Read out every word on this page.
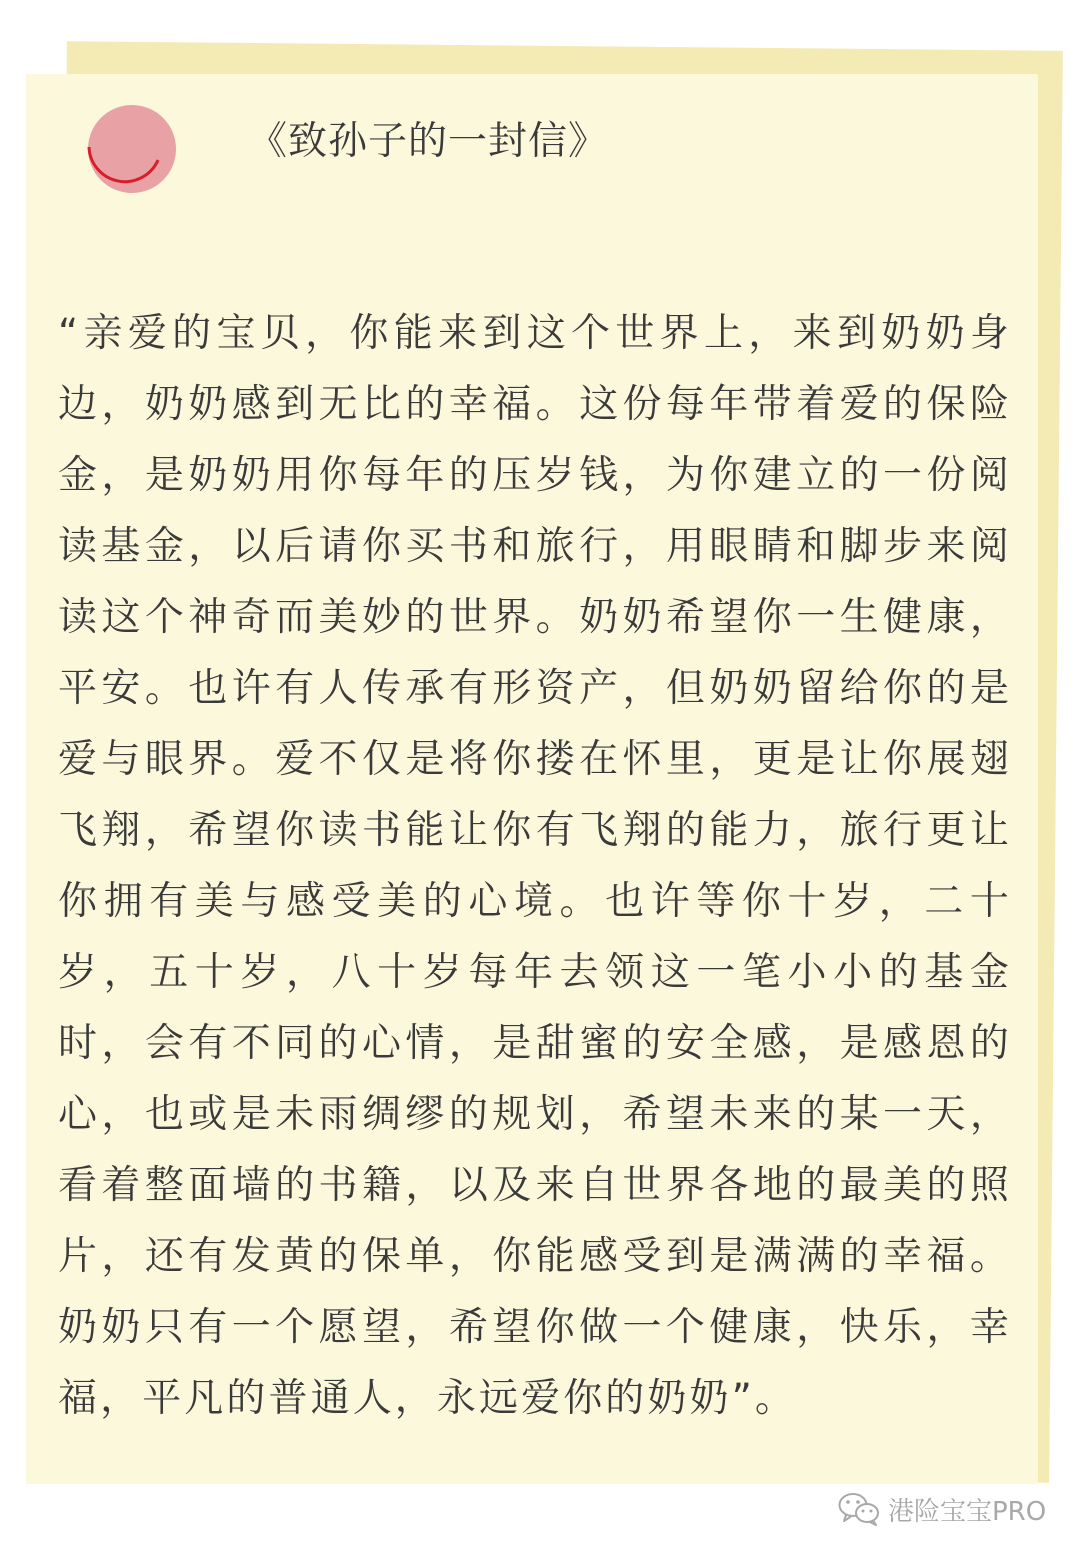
《致孙子的一封信》

“亲爱的宝贝，你能来到这个世界上，来到奶奶身边，奶奶感到无比的幸福。这份每年带着爱的保险金，是奶奶用你每年的压岁钱，为你建立的一份阅读基金，以后请你买书和旅行，用眼睛和脚步来阅读这个神奇而美妙的世界。奶奶希望你一生健康，平安。也许有人传承有形资产，但奶奶留给你的是爱与眼界。爱不仅是将你搂在怀里，更是让你展翅飞翔，希望你读书能让你有飞翔的能力，旅行更让你拥有美与感受美的心境。也许等你十岁，二十岁，五十岁，八十岁每年去领这一笔小小的基金时，会有不同的心情，是甜蜜的安全感，是感恩的心，也或是未雨绸缪的规划，希望未来的某一天，看着整面墙的书籍，以及来自世界各地的最美的照片，还有发黄的保单，你能感受到是满满的幸福。奶奶只有一个愿望，希望你做一个健康，快乐，幸福，平凡的普通人，永远爱你的奶奶”。

港险宝宝PRO
